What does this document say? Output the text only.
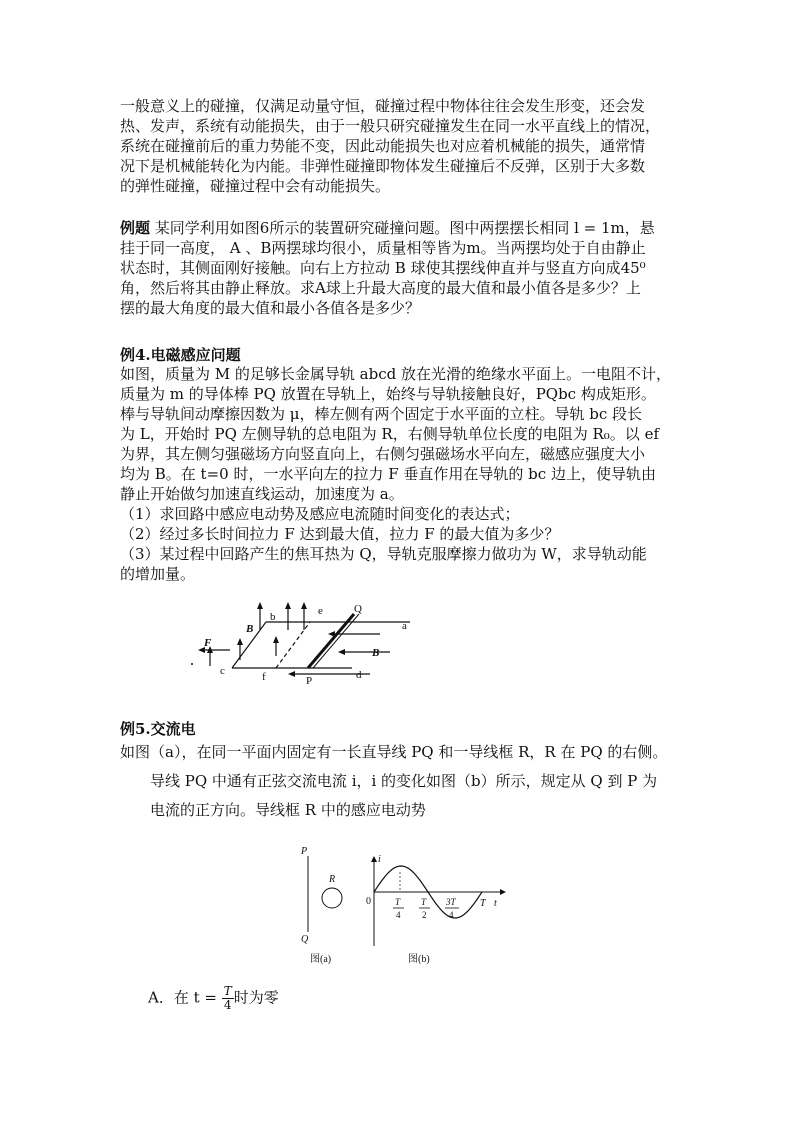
一般意义上的碰撞，仅满足动量守恒，碰撞过程中物体往往会发生形变，还会发
热、发声，系统有动能损失，由于一般只研究碰撞发生在同一水平直线上的情况，
系统在碰撞前后的重力势能不变，因此动能损失也对应着机械能的损失，通常情
况下是机械能转化为内能。非弹性碰撞即物体发生碰撞后不反弹，区别于大多数
的弹性碰撞，碰撞过程中会有动能损失。
例题 某同学利用如图6所示的装置研究碰撞问题。图中两摆摆长相同 l = 1m，悬
挂于同一高度， A 、B两摆球均很小，质量相等皆为m。当两摆均处于自由静止
状态时，其侧面刚好接触。向右上方拉动 B 球使其摆线伸直并与竖直方向成45⁰
角，然后将其由静止释放。求A球上升最大高度的最大值和最小值各是多少？上
摆的最大角度的最大值和最小各值各是多少？
例4.电磁感应问题
如图，质量为 M 的足够长金属导轨 abcd 放在光滑的绝缘水平面上。一电阻不计，
质量为 m 的导体棒 PQ 放置在导轨上，始终与导轨接触良好，PQbc 构成矩形。
棒与导轨间动摩擦因数为 μ，棒左侧有两个固定于水平面的立柱。导轨 bc 段长
为 L，开始时 PQ 左侧导轨的总电阻为 R，右侧导轨单位长度的电阻为 R₀。以 ef
为界，其左侧匀强磁场方向竖直向上，右侧匀强磁场水平向左，磁感应强度大小
均为 B。在 t=0 时，一水平向左的拉力 F 垂直作用在导轨的 bc 边上，使导轨由
静止开始做匀加速直线运动，加速度为 a。
（1）求回路中感应电动势及感应电流随时间变化的表达式；
（2）经过多长时间拉力 F 达到最大值，拉力 F 的最大值为多少？
（3）某过程中回路产生的焦耳热为 Q，导轨克服摩擦力做功为 W，求导轨动能
的增加量。
b	e	Q
a
F
B
B
c	f	P	d
例5.交流电
如图（a），在同一平面内固定有一长直导线 PQ 和一导线框 R，R 在 PQ 的右侧。
导线 PQ 中通有正弦交流电流 i，i 的变化如图（b）所示，规定从 Q 到 P 为
电流的正方向。导线框 R 中的感应电动势
P
Q
R
图(a)
i
t
T
0	T
4
T
2
3T
4
图(b)
A．在 $t = \frac{T}{4}$ 时为零
